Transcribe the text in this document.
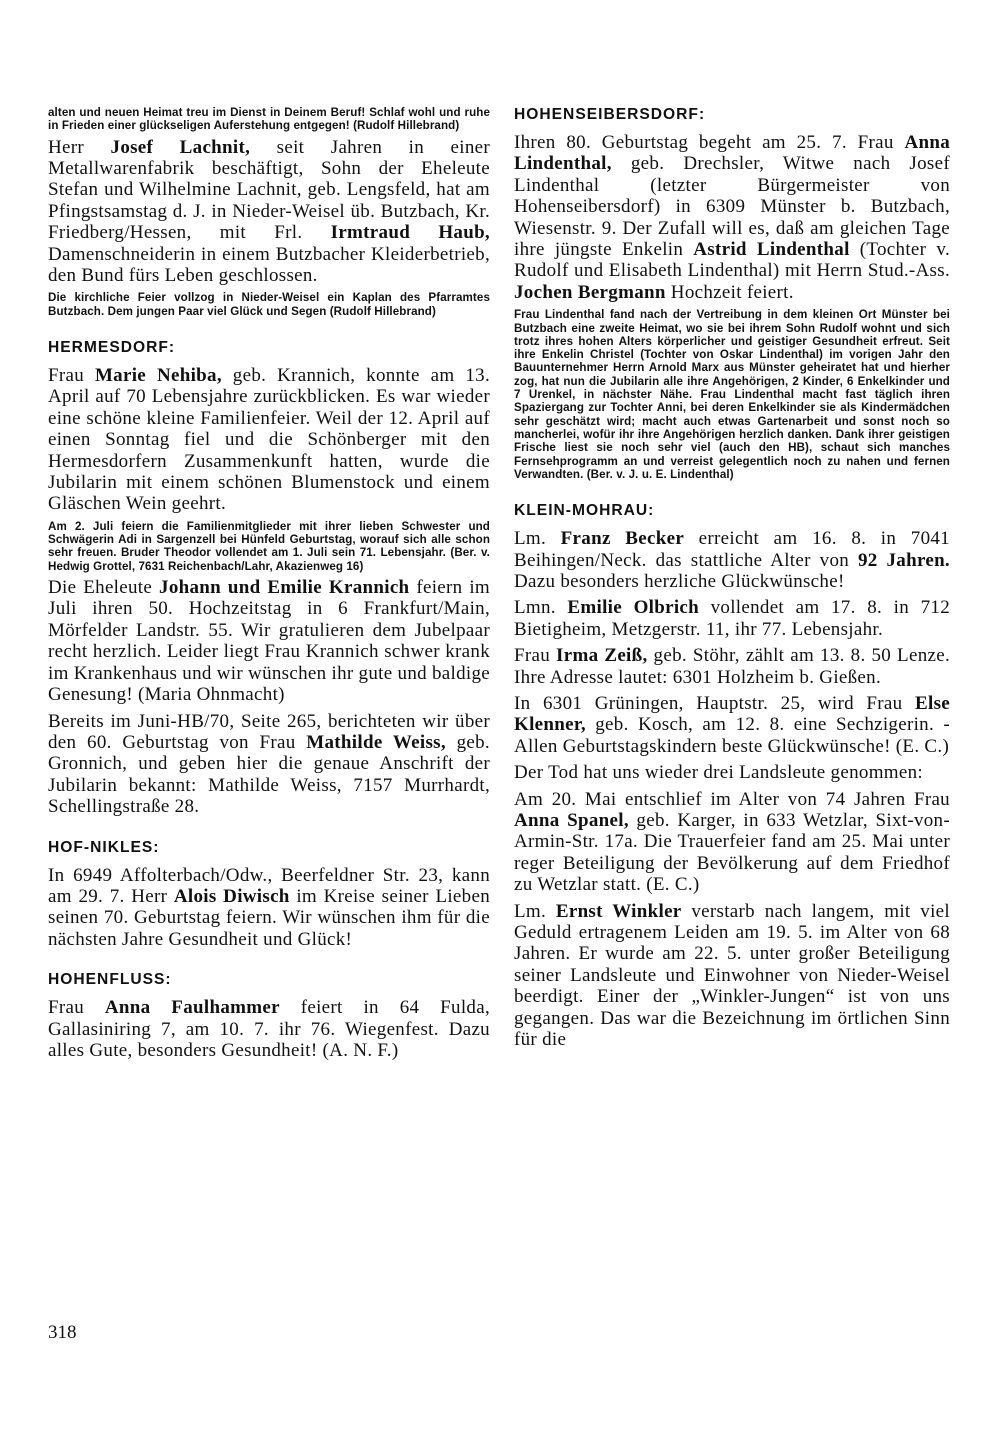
alten und neuen Heimat treu im Dienst in Deinem Beruf! Schlaf wohl und ruhe in Frieden einer glückseligen Auferstehung entgegen! (Rudolf Hillebrand)

Herr Josef Lachnit, seit Jahren in einer Metallwarenfabrik beschäftigt, Sohn der Eheleute Stefan und Wilhelmine Lachnit, geb. Lengsfeld, hat am Pfingstsamstag d. J. in Nieder-Weisel üb. Butzbach, Kr. Friedberg/Hessen, mit Frl. Irmtraud Haub, Damenschneiderin in einem Butzbacher Kleiderbetrieb, den Bund fürs Leben geschlossen.

Die kirchliche Feier vollzog in Nieder-Weisel ein Kaplan des Pfarramtes Butzbach. Dem jungen Paar viel Glück und Segen (Rudolf Hillebrand)

HERMESDORF:

Frau Marie Nehiba, geb. Krannich, konnte am 13. April auf 70 Lebensjahre zurückblicken. Es war wieder eine schöne kleine Familienfeier. Weil der 12. April auf einen Sonntag fiel und die Schönberger mit den Hermesdorfern Zusammenkunft hatten, wurde die Jubilarin mit einem schönen Blumenstock und einem Gläschen Wein geehrt.

Am 2. Juli feiern die Familienmitglieder mit ihrer lieben Schwester und Schwägerin Adi in Sargenzell bei Hünfeld Geburtstag, worauf sich alle schon sehr freuen. Bruder Theodor vollendet am 1. Juli sein 71. Lebensjahr. (Ber. v. Hedwig Grottel, 7631 Reichenbach/Lahr, Akazienweg 16)

Die Eheleute Johann und Emilie Krannich feiern im Juli ihren 50. Hochzeitstag in 6 Frankfurt/Main, Mörfelder Landstr. 55. Wir gratulieren dem Jubelpaar recht herzlich. Leider liegt Frau Krannich schwer krank im Krankenhaus und wir wünschen ihr gute und baldige Genesung! (Maria Ohnmacht)

Bereits im Juni-HB/70, Seite 265, berichteten wir über den 60. Geburtstag von Frau Mathilde Weiss, geb. Gronnich, und geben hier die genaue Anschrift der Jubilarin bekannt: Mathilde Weiss, 7157 Murrhardt, Schellingstraße 28.

HOF-NIKLES:

In 6949 Affolterbach/Odw., Beerfeldner Str. 23, kann am 29. 7. Herr Alois Diwisch im Kreise seiner Lieben seinen 70. Geburtstag feiern. Wir wünschen ihm für die nächsten Jahre Gesundheit und Glück!

HOHENFLUSS:

Frau Anna Faulhammer feiert in 64 Fulda, Gallasiniring 7, am 10. 7. ihr 76. Wiegenfest. Dazu alles Gute, besonders Gesundheit! (A. N. F.)

HOHENSEIBERSDORF:

Ihren 80. Geburtstag begeht am 25. 7. Frau Anna Lindenthal, geb. Drechsler, Witwe nach Josef Lindenthal (letzter Bürgermeister von Hohenseibersdorf) in 6309 Münster b. Butzbach, Wiesenstr. 9. Der Zufall will es, daß am gleichen Tage ihre jüngste Enkelin Astrid Lindenthal (Tochter v. Rudolf und Elisabeth Lindenthal) mit Herrn Stud.-Ass. Jochen Bergmann Hochzeit feiert.

Frau Lindenthal fand nach der Vertreibung in dem kleinen Ort Münster bei Butzbach eine zweite Heimat, wo sie bei ihrem Sohn Rudolf wohnt und sich trotz ihres hohen Alters körperlicher und geistiger Gesundheit erfreut. Seit ihre Enkelin Christel (Tochter von Oskar Lindenthal) im vorigen Jahr den Bauunternehmer Herrn Arnold Marx aus Münster geheiratet hat und hierher zog, hat nun die Jubilarin alle ihre Angehörigen, 2 Kinder, 6 Enkelkinder und 7 Urenkel, in nächster Nähe. Frau Lindenthal macht fast täglich ihren Spaziergang zur Tochter Anni, bei deren Enkelkinder sie als Kindermädchen sehr geschätzt wird; macht auch etwas Gartenarbeit und sonst noch so mancherlei, wofür ihr ihre Angehörigen herzlich danken. Dank ihrer geistigen Frische liest sie noch sehr viel (auch den HB), schaut sich manches Fernsehprogramm an und verreist gelegentlich noch zu nahen und fernen Verwandten. (Ber. v. J. u. E. Lindenthal)

KLEIN-MOHRAU:

Lm. Franz Becker erreicht am 16. 8. in 7041 Beihingen/Neck. das stattliche Alter von 92 Jahren. Dazu besonders herzliche Glückwünsche!

Lmn. Emilie Olbrich vollendet am 17. 8. in 712 Bietigheim, Metzgerstr. 11, ihr 77. Lebensjahr.

Frau Irma Zeiß, geb. Stöhr, zählt am 13. 8. 50 Lenze. Ihre Adresse lautet: 6301 Holzheim b. Gießen.

In 6301 Grüningen, Hauptstr. 25, wird Frau Else Klenner, geb. Kosch, am 12. 8. eine Sechzigerin. - Allen Geburtstagskindern beste Glückwünsche! (E. C.)

Der Tod hat uns wieder drei Landsleute genommen:

Am 20. Mai entschlief im Alter von 74 Jahren Frau Anna Spanel, geb. Karger, in 633 Wetzlar, Sixt-von-Armin-Str. 17a. Die Trauerfeier fand am 25. Mai unter reger Beteiligung der Bevölkerung auf dem Friedhof zu Wetzlar statt. (E. C.)

Lm. Ernst Winkler verstarb nach langem, mit viel Geduld ertragenem Leiden am 19. 5. im Alter von 68 Jahren. Er wurde am 22. 5. unter großer Beteiligung seiner Landsleute und Einwohner von Nieder-Weisel beerdigt. Einer der „Winkler-Jungen“ ist von uns gegangen. Das war die Bezeichnung im örtlichen Sinn für die

318
